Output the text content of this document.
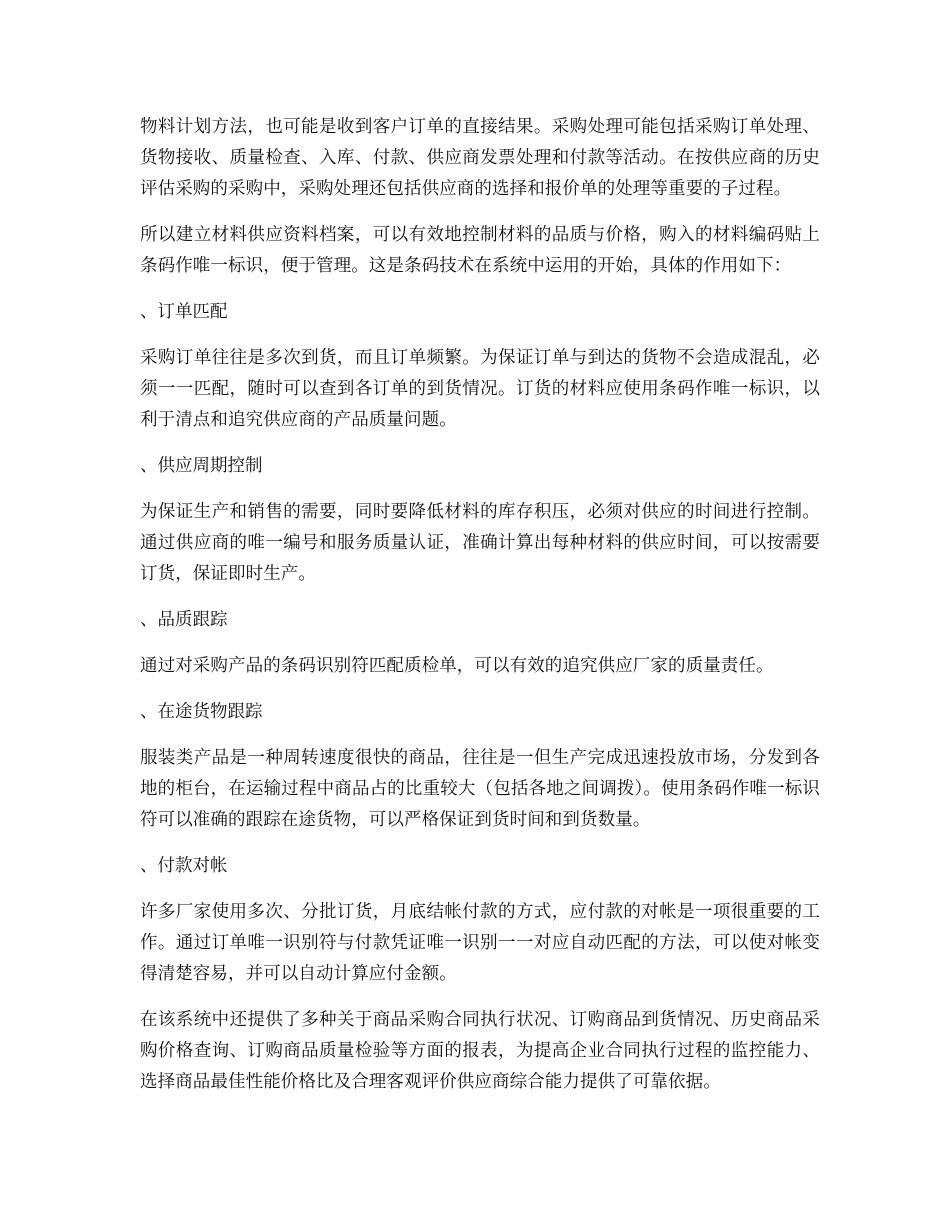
物料计划方法，也可能是收到客户订单的直接结果。采购处理可能包括采购订单处理、货物接收、质量检查、入库、付款、供应商发票处理和付款等活动。在按供应商的历史评估采购的采购中，采购处理还包括供应商的选择和报价单的处理等重要的子过程。

所以建立材料供应资料档案，可以有效地控制材料的品质与价格，购入的材料编码贴上条码作唯一标识，便于管理。这是条码技术在系统中运用的开始，具体的作用如下：

、订单匹配

采购订单往往是多次到货，而且订单频繁。为保证订单与到达的货物不会造成混乱，必须一一匹配，随时可以查到各订单的到货情况。订货的材料应使用条码作唯一标识，以利于清点和追究供应商的产品质量问题。

、供应周期控制

为保证生产和销售的需要，同时要降低材料的库存积压，必须对供应的时间进行控制。通过供应商的唯一编号和服务质量认证，准确计算出每种材料的供应时间，可以按需要订货，保证即时生产。

、品质跟踪

通过对采购产品的条码识别符匹配质检单，可以有效的追究供应厂家的质量责任。

、在途货物跟踪

服装类产品是一种周转速度很快的商品，往往是一但生产完成迅速投放市场，分发到各地的柜台，在运输过程中商品占的比重较大（包括各地之间调拨）。使用条码作唯一标识符可以准确的跟踪在途货物，可以严格保证到货时间和到货数量。

、付款对帐

许多厂家使用多次、分批订货，月底结帐付款的方式，应付款的对帐是一项很重要的工作。通过订单唯一识别符与付款凭证唯一识别一一对应自动匹配的方法，可以使对帐变得清楚容易，并可以自动计算应付金额。

在该系统中还提供了多种关于商品采购合同执行状况、订购商品到货情况、历史商品采购价格查询、订购商品质量检验等方面的报表，为提高企业合同执行过程的监控能力、选择商品最佳性能价格比及合理客观评价供应商综合能力提供了可靠依据。
